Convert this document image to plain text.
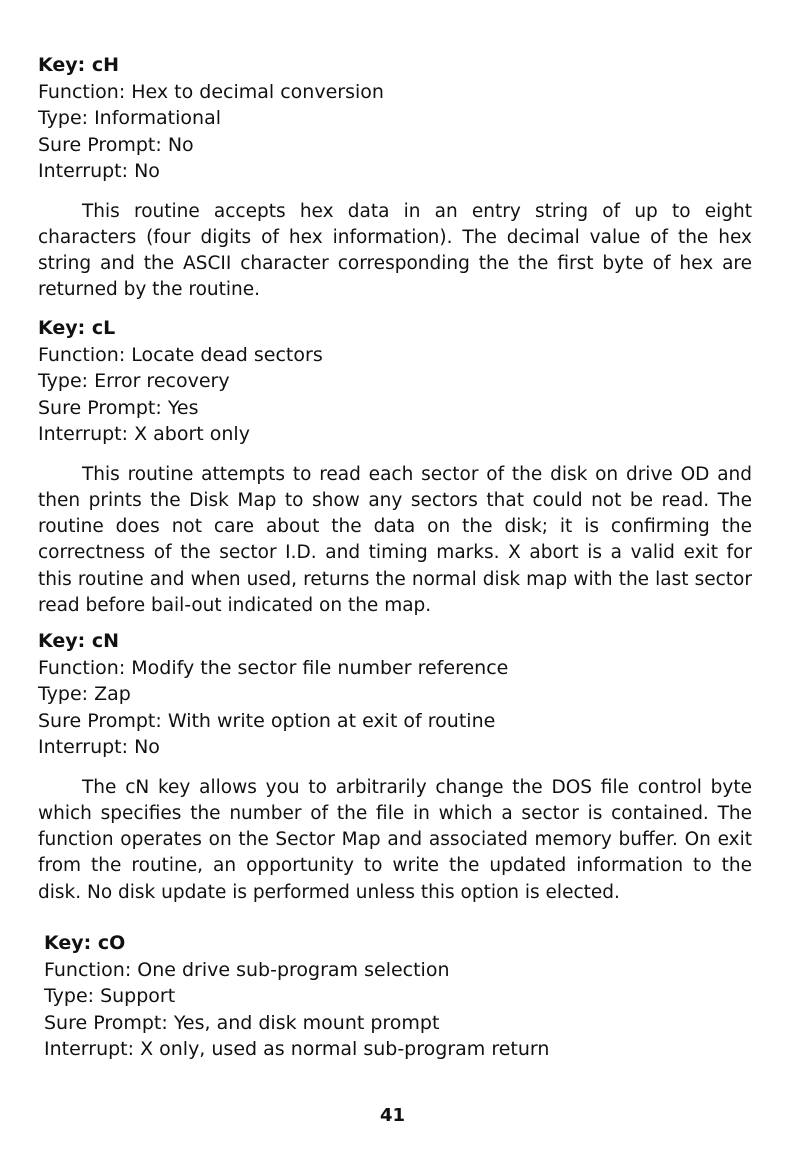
Key: cH
Function: Hex to decimal conversion
Type: Informational
Sure Prompt: No
Interrupt: No
This routine accepts hex data in an entry string of up to eight characters (four digits of hex information). The decimal value of the hex string and the ASCII character corresponding the the first byte of hex are returned by the routine.
Key: cL
Function: Locate dead sectors
Type: Error recovery
Sure Prompt: Yes
Interrupt: X abort only
This routine attempts to read each sector of the disk on drive OD and then prints the Disk Map to show any sectors that could not be read. The routine does not care about the data on the disk; it is confirming the correctness of the sector I.D. and timing marks. X abort is a valid exit for this routine and when used, returns the normal disk map with the last sector read before bail-out indicated on the map.
Key: cN
Function: Modify the sector file number reference
Type: Zap
Sure Prompt: With write option at exit of routine
Interrupt: No
The cN key allows you to arbitrarily change the DOS file control byte which specifies the number of the file in which a sector is contained. The function operates on the Sector Map and associated memory buffer. On exit from the routine, an opportunity to write the updated information to the disk. No disk update is performed unless this option is elected.
Key: cO
Function: One drive sub-program selection
Type: Support
Sure Prompt: Yes, and disk mount prompt
Interrupt: X only, used as normal sub-program return
41
